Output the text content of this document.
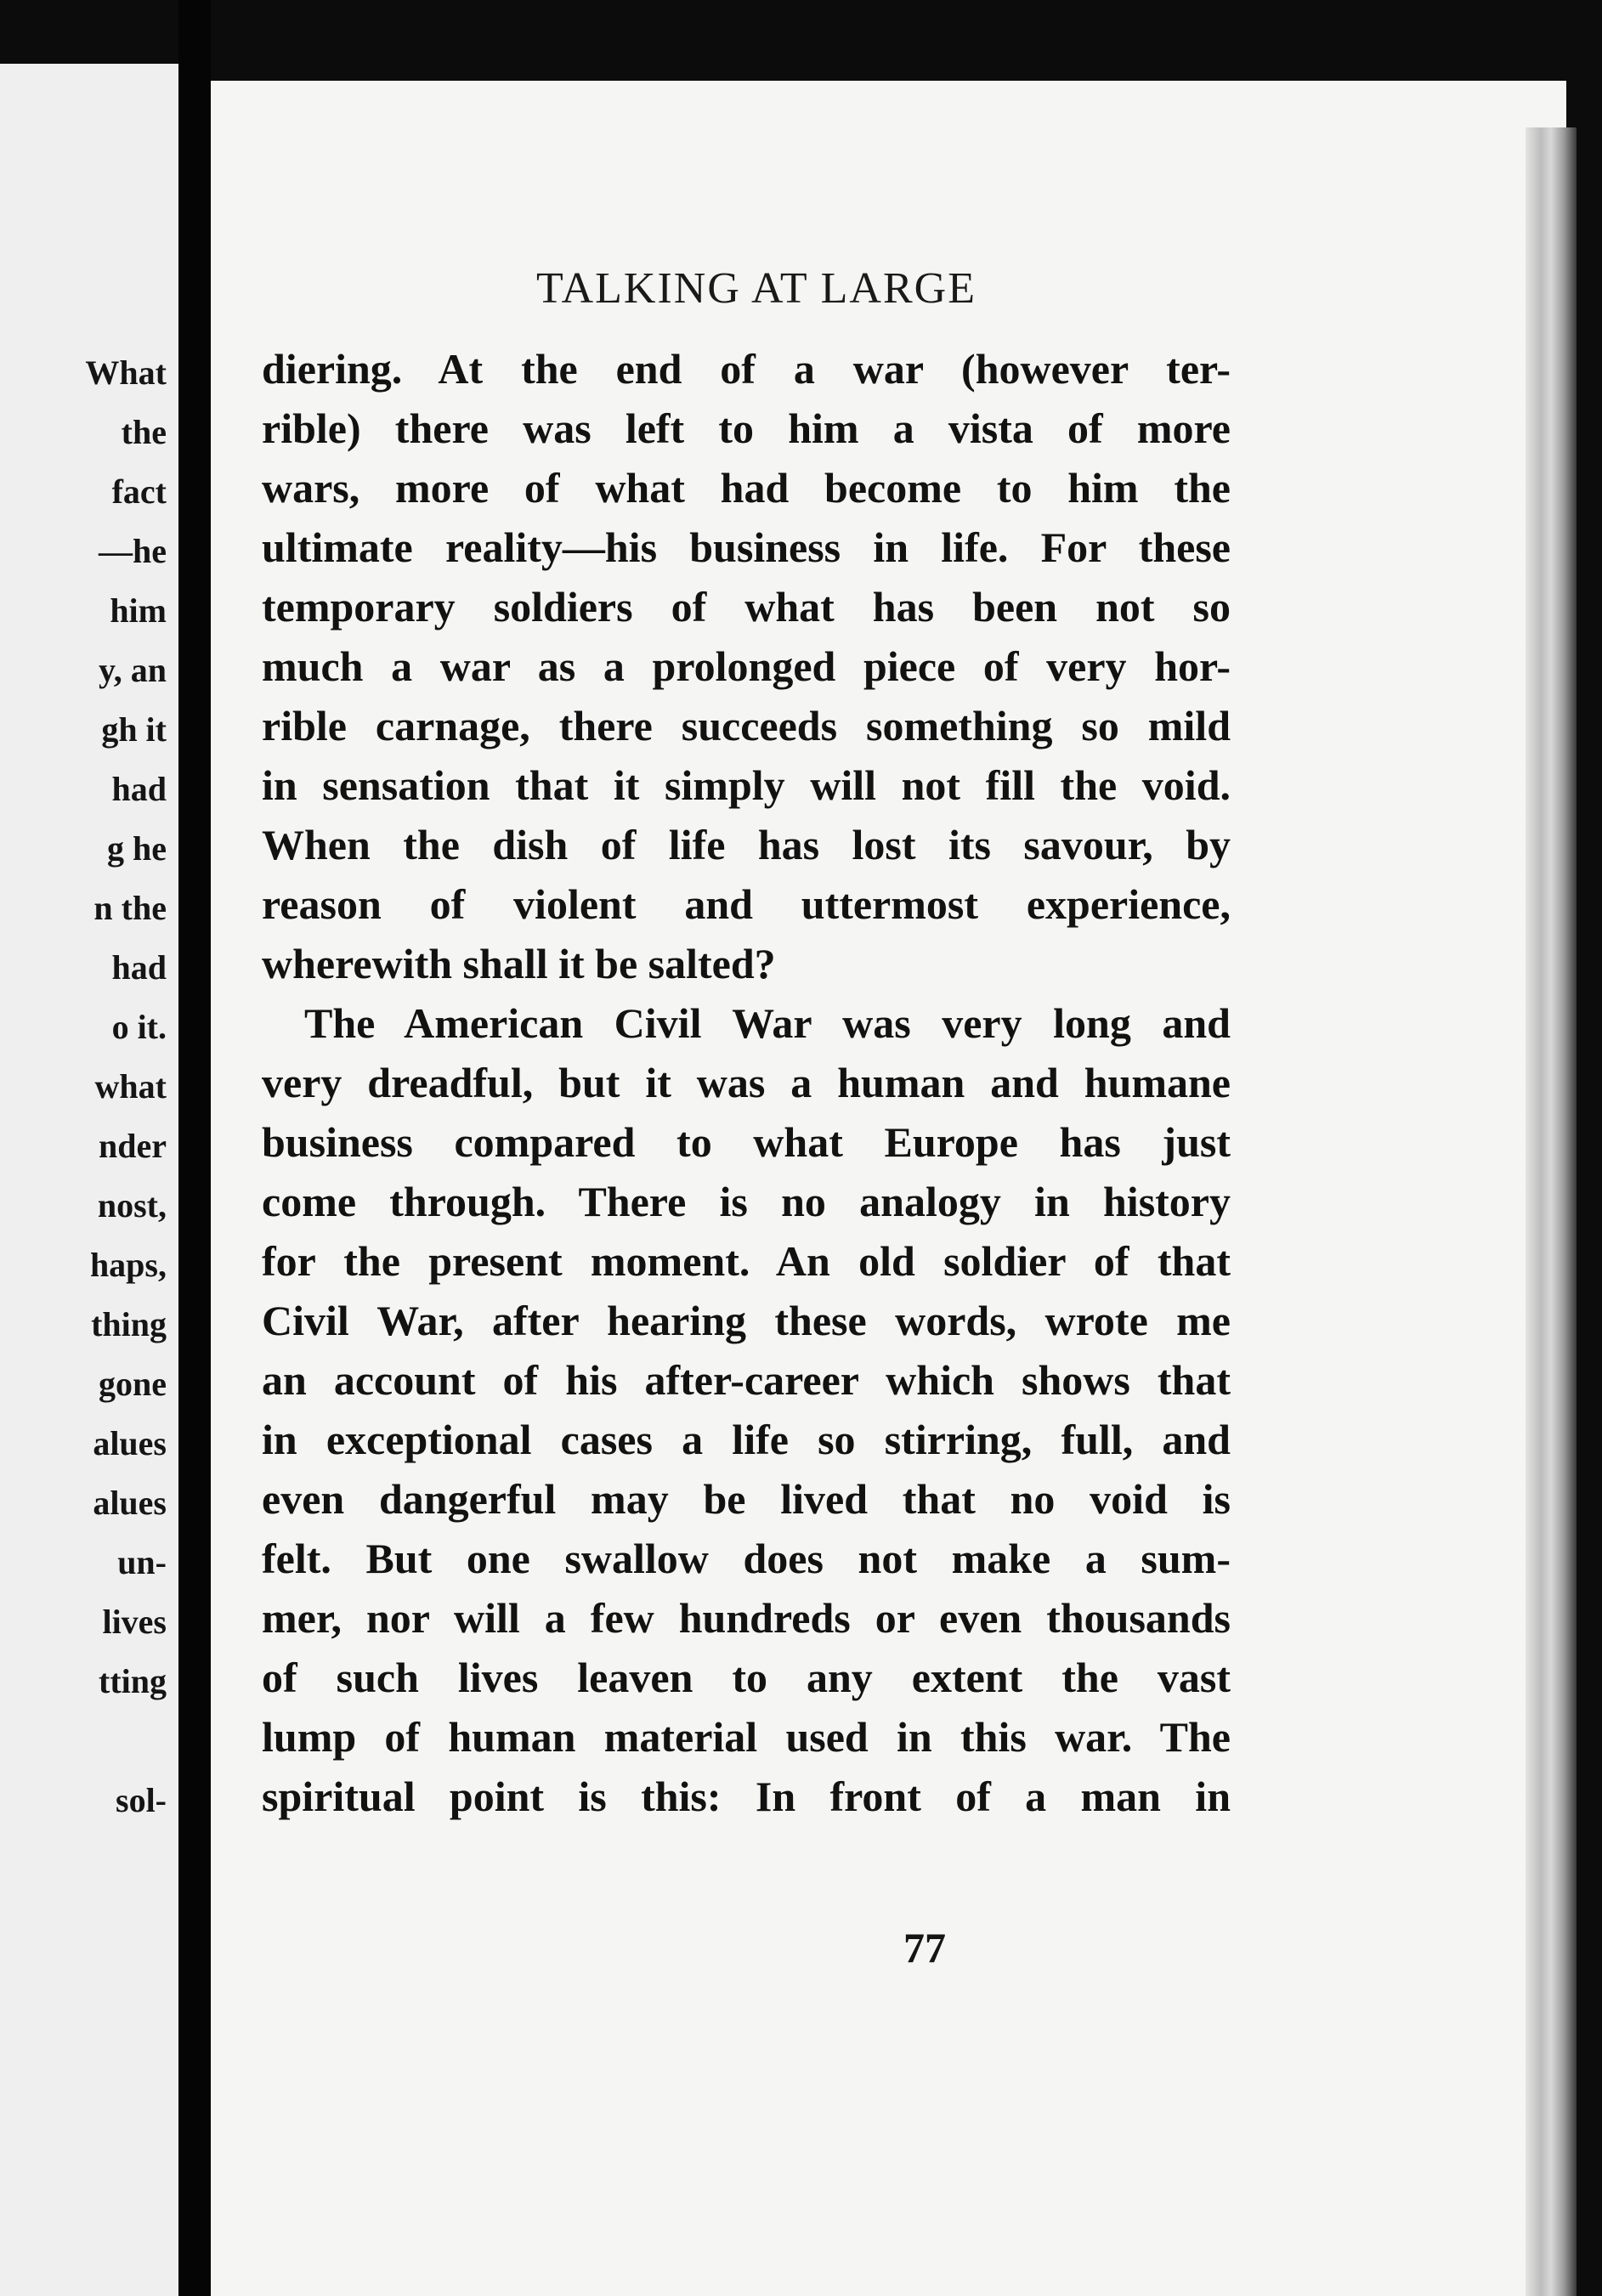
What
the
fact
—he
him
y, an
gh it
had
g he
n the
had
o it.
what
nder
nost,
haps,
thing
gone
alues
alues
un-
lives
tting
sol-
TALKING AT LARGE
diering. At the end of a war (however ter-
rible) there was left to him a vista of more
wars, more of what had become to him the
ultimate reality—his business in life. For these
temporary soldiers of what has been not so
much a war as a prolonged piece of very hor-
rible carnage, there succeeds something so mild
in sensation that it simply will not fill the void.
When the dish of life has lost its savour, by
reason of violent and uttermost experience,
wherewith shall it be salted?
The American Civil War was very long and
very dreadful, but it was a human and humane
business compared to what Europe has just
come through. There is no analogy in history
for the present moment. An old soldier of that
Civil War, after hearing these words, wrote me
an account of his after-career which shows that
in exceptional cases a life so stirring, full, and
even dangerful may be lived that no void is
felt. But one swallow does not make a sum-
mer, nor will a few hundreds or even thousands
of such lives leaven to any extent the vast
lump of human material used in this war. The
spiritual point is this: In front of a man in
77
